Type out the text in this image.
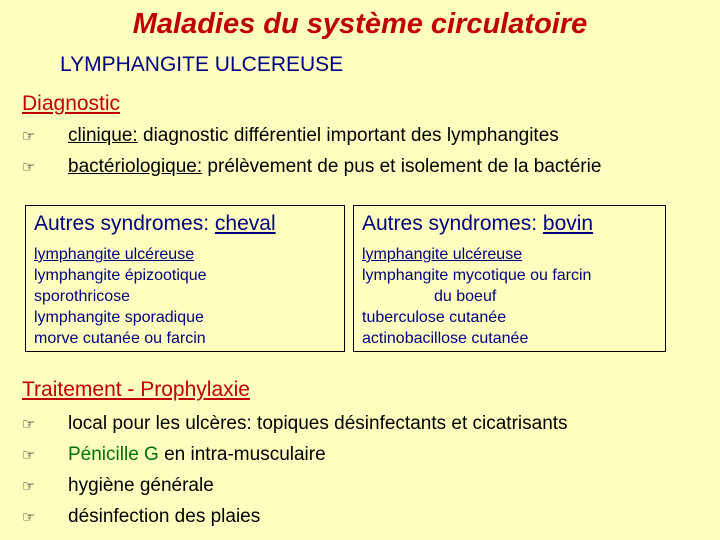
Maladies du système circulatoire
LYMPHANGITE ULCEREUSE
Diagnostic
☞	clinique: diagnostic différentiel important des lymphangites
☞	bactériologique: prélèvement de pus et isolement de la bactérie
Autres syndromes: cheval
lymphangite ulcéreuse
lymphangite épizootique
sporothricose
lymphangite sporadique
morve cutanée ou farcin
Autres syndromes: bovin
lymphangite ulcéreuse
lymphangite mycotique ou farcin
du boeuf
tuberculose cutanée
actinobacillose cutanée
Traitement - Prophylaxie
☞	local pour les ulcères: topiques désinfectants et cicatrisants
☞	Pénicille G en intra-musculaire
☞	hygiène générale
☞	désinfection des plaies
